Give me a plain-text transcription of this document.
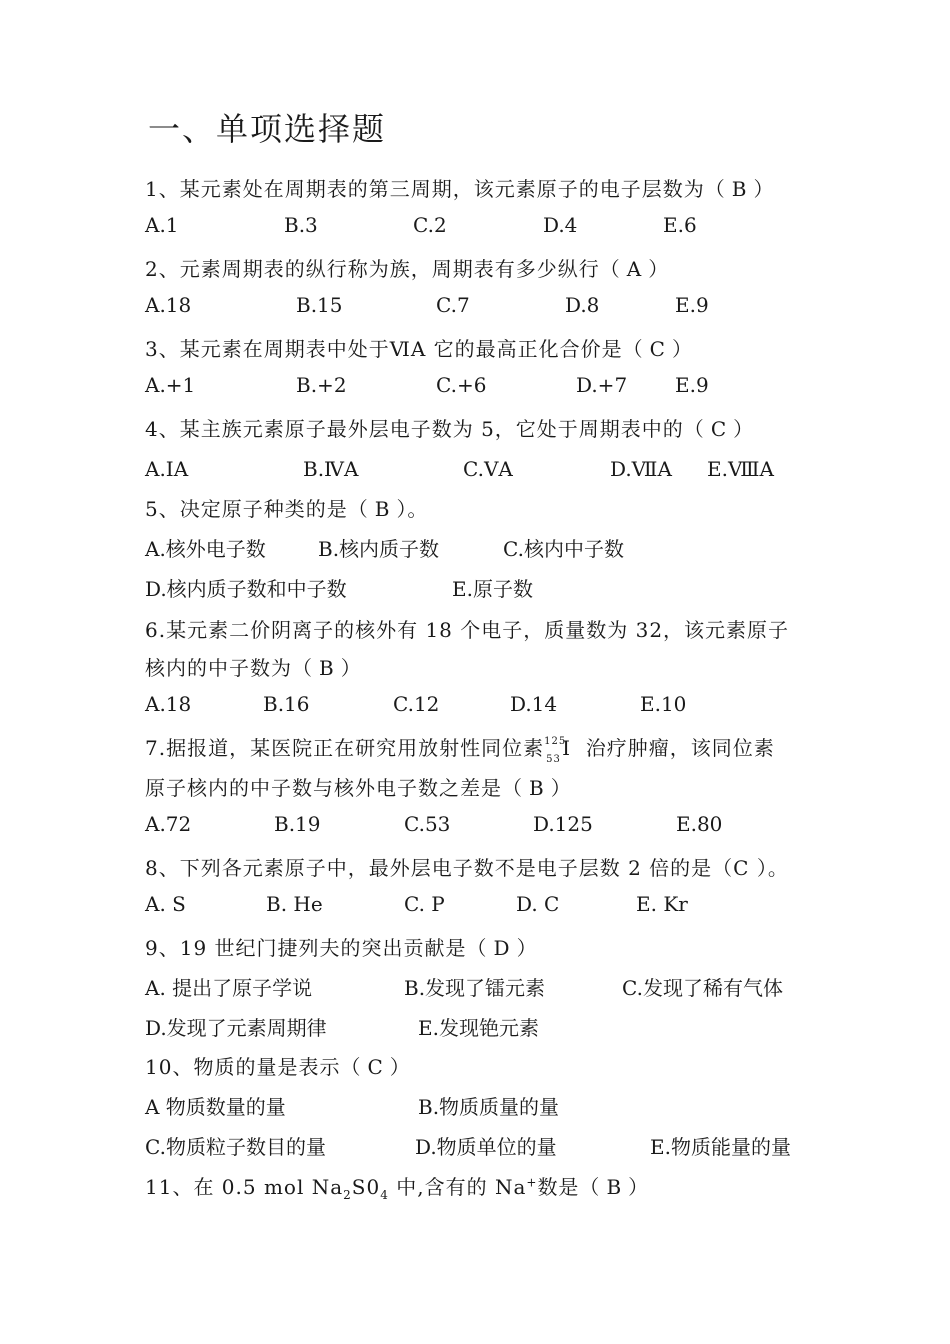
一、单项选择题
1、某元素处在周期表的第三周期，该元素原子的电子层数为（ B ）
A.1	B.3	C.2	D.4	E.6
2、元素周期表的纵行称为族，周期表有多少纵行（ A ）
A.18	B.15	C.7	D.8	E.9
3、某元素在周期表中处于ⅥA 它的最高正化合价是（ C ）
A.+1	B.+2	C.+6	D.+7 E.9
4、某主族元素原子最外层电子数为 5，它处于周期表中的（ C ）
A.ⅠA	B.ⅣA	C.ⅤA	D.ⅦA E.ⅧA
5、决定原子种类的是（ B ）。
A.核外电子数	B.核内质子数	C.核内中子数
D.核内质子数和中子数	E.原子数
6.某元素二价阴离子的核外有 18 个电子，质量数为 32，该元素原子
核内的中子数为（ B ）
A.18	B.16	C.12	D.14	E.10
7.据报道，某医院正在研究用放射性同位素 125
53 I 治疗肿瘤，该同位素
原子核内的中子数与核外电子数之差是（ B ）
A.72	B.19	C.53	D.125	E.80
8、下列各元素原子中，最外层电子数不是电子层数 2 倍的是（C ）。
A. S	B. He	C. P	D. C	E. Kr
9、19 世纪门捷列夫的突出贡献是（ D ）
A. 提出了原子学说	B.发现了镭元素	C.发现了稀有气体
D.发现了元素周期律	E.发现铯元素
10、物质的量是表示（ C ）
A 物质数量的量	B.物质质量的量
C.物质粒子数目的量	D.物质单位的量	E.物质能量的量
11、在 0.5 mol $Na_2S0_4$ 中,含有的 Na+数是（ B ）
